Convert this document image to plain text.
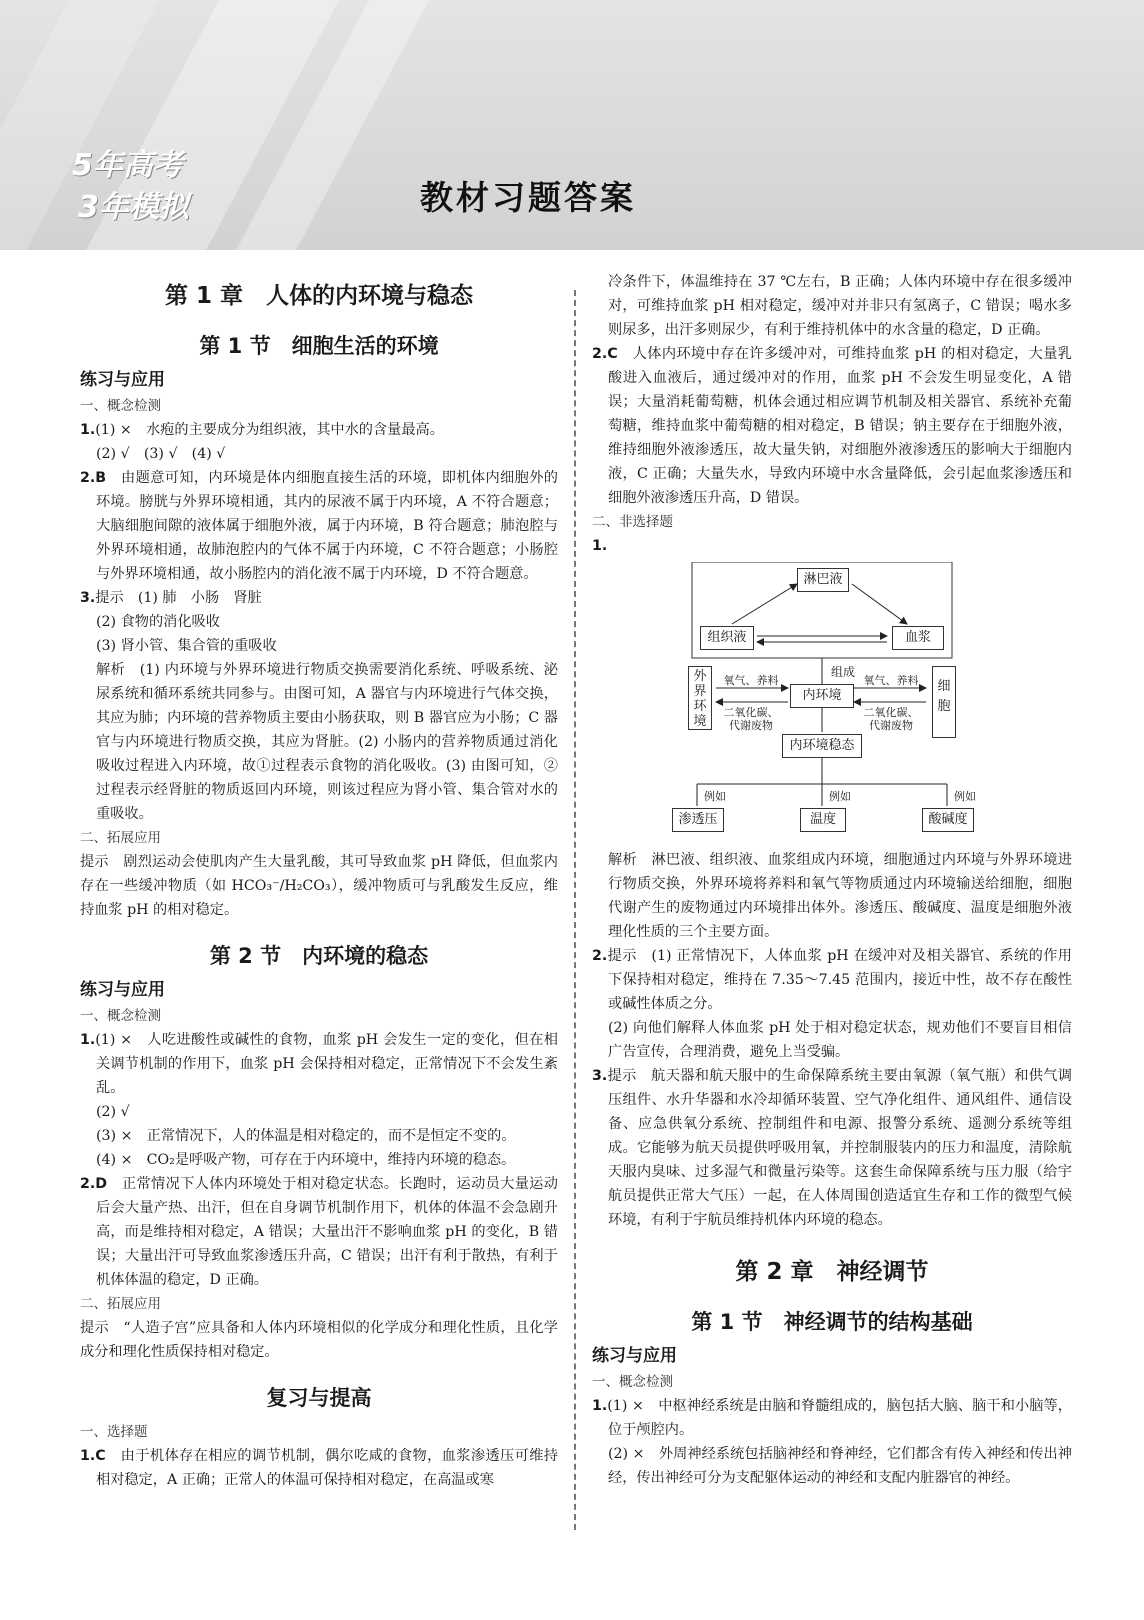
5年高考
3年模拟	教材习题答案
第 1 章　人体的内环境与稳态
第 1 节　细胞生活的环境
练习与应用

一、概念检测

1.(1) ×　水疱的主要成分为组织液，其中水的含量最高。

(2) √　(3) √　(4) √

2.B　由题意可知，内环境是体内细胞直接生活的环境，即机体内细胞外的环境。膀胱与外界环境相通，其内的尿液不属于内环境，A 不符合题意；大脑细胞间隙的液体属于细胞外液，属于内环境，B 符合题意；肺泡腔与外界环境相通，故肺泡腔内的气体不属于内环境，C 不符合题意；小肠腔与外界环境相通，故小肠腔内的消化液不属于内环境，D 不符合题意。

3.提示　(1) 肺　小肠　肾脏

(2) 食物的消化吸收

(3) 肾小管、集合管的重吸收

解析　(1) 内环境与外界环境进行物质交换需要消化系统、呼吸系统、泌尿系统和循环系统共同参与。由图可知，A 器官与内环境进行气体交换，其应为肺；内环境的营养物质主要由小肠获取，则 B 器官应为小肠；C 器官与内环境进行物质交换，其应为肾脏。(2) 小肠内的营养物质通过消化吸收过程进入内环境，故①过程表示食物的消化吸收。(3) 由图可知，②过程表示经肾脏的物质返回内环境，则该过程应为肾小管、集合管对水的重吸收。

二、拓展应用

提示　剧烈运动会使肌肉产生大量乳酸，其可导致血浆 pH 降低，但血浆内存在一些缓冲物质（如 HCO₃⁻/H₂CO₃），缓冲物质可与乳酸发生反应，维持血浆 pH 的相对稳定。

第 2 节　内环境的稳态
练习与应用

一、概念检测

1.(1) ×　人吃进酸性或碱性的食物，血浆 pH 会发生一定的变化，但在相关调节机制的作用下，血浆 pH 会保持相对稳定，正常情况下不会发生紊乱。

(2) √

(3) ×　正常情况下，人的体温是相对稳定的，而不是恒定不变的。

(4) ×　CO₂是呼吸产物，可存在于内环境中，维持内环境的稳态。

2.D　正常情况下人体内环境处于相对稳定状态。长跑时，运动员大量运动后会大量产热、出汗，但在自身调节机制作用下，机体的体温不会急剧升高，而是维持相对稳定，A 错误；大量出汗不影响血浆 pH 的变化，B 错误；大量出汗可导致血浆渗透压升高，C 错误；出汗有利于散热，有利于机体体温的稳定，D 正确。

二、拓展应用

提示　“人造子宫”应具备和人体内环境相似的化学成分和理化性质，且化学成分和理化性质保持相对稳定。

复习与提高

一、选择题

1.C　由于机体存在相应的调节机制，偶尔吃咸的食物，血浆渗透压可维持相对稳定，A 正确；正常人的体温可保持相对稳定，在高温或寒

冷条件下，体温维持在 37 ℃左右，B 正确；人体内环境中存在很多缓冲对，可维持血浆 pH 相对稳定，缓冲对并非只有氢离子，C 错误；喝水多则尿多，出汗多则尿少，有利于维持机体中的水含量的稳定，D 正确。

2.C　人体内环境中存在许多缓冲对，可维持血浆 pH 的相对稳定，大量乳酸进入血液后，通过缓冲对的作用，血浆 pH 不会发生明显变化，A 错误；大量消耗葡萄糖，机体会通过相应调节机制及相关器官、系统补充葡萄糖，维持血浆中葡萄糖的相对稳定，B 错误；钠主要存在于细胞外液，维持细胞外液渗透压，故大量失钠，对细胞外液渗透压的影响大于细胞内液，C 正确；大量失水，导致内环境中水含量降低，会引起血浆渗透压和细胞外液渗透压升高，D 错误。

二、非选择题

1.

淋巴液
组织液	血浆
组成
外界环境
内环境
细胞
氧气、养料	氧气、养料
二氧化碳、
代谢废物
二氧化碳、
代谢废物
内环境稳态
例如	例如	例如
渗透压	温度	酸碱度

解析　淋巴液、组织液、血浆组成内环境，细胞通过内环境与外界环境进行物质交换，外界环境将养料和氧气等物质通过内环境输送给细胞，细胞代谢产生的废物通过内环境排出体外。渗透压、酸碱度、温度是细胞外液理化性质的三个主要方面。

2.提示　(1) 正常情况下，人体血浆 pH 在缓冲对及相关器官、系统的作用下保持相对稳定，维持在 7.35～7.45 范围内，接近中性，故不存在酸性或碱性体质之分。

(2) 向他们解释人体血浆 pH 处于相对稳定状态，规劝他们不要盲目相信广告宣传，合理消费，避免上当受骗。

3.提示　航天器和航天服中的生命保障系统主要由氧源（氧气瓶）和供气调压组件、水升华器和水冷却循环装置、空气净化组件、通风组件、通信设备、应急供氧分系统、控制组件和电源、报警分系统、遥测分系统等组成。它能够为航天员提供呼吸用氧，并控制服装内的压力和温度，清除航天服内臭味、过多湿气和微量污染等。这套生命保障系统与压力服（给宇航员提供正常大气压）一起，在人体周围创造适宜生存和工作的微型气候环境，有利于宇航员维持机体内环境的稳态。

第 2 章　神经调节
第 1 节　神经调节的结构基础
练习与应用

一、概念检测

1.(1) ×　中枢神经系统是由脑和脊髓组成的，脑包括大脑、脑干和小脑等，位于颅腔内。

(2) ×　外周神经系统包括脑神经和脊神经，它们都含有传入神经和传出神经，传出神经可分为支配躯体运动的神经和支配内脏器官的神经。
